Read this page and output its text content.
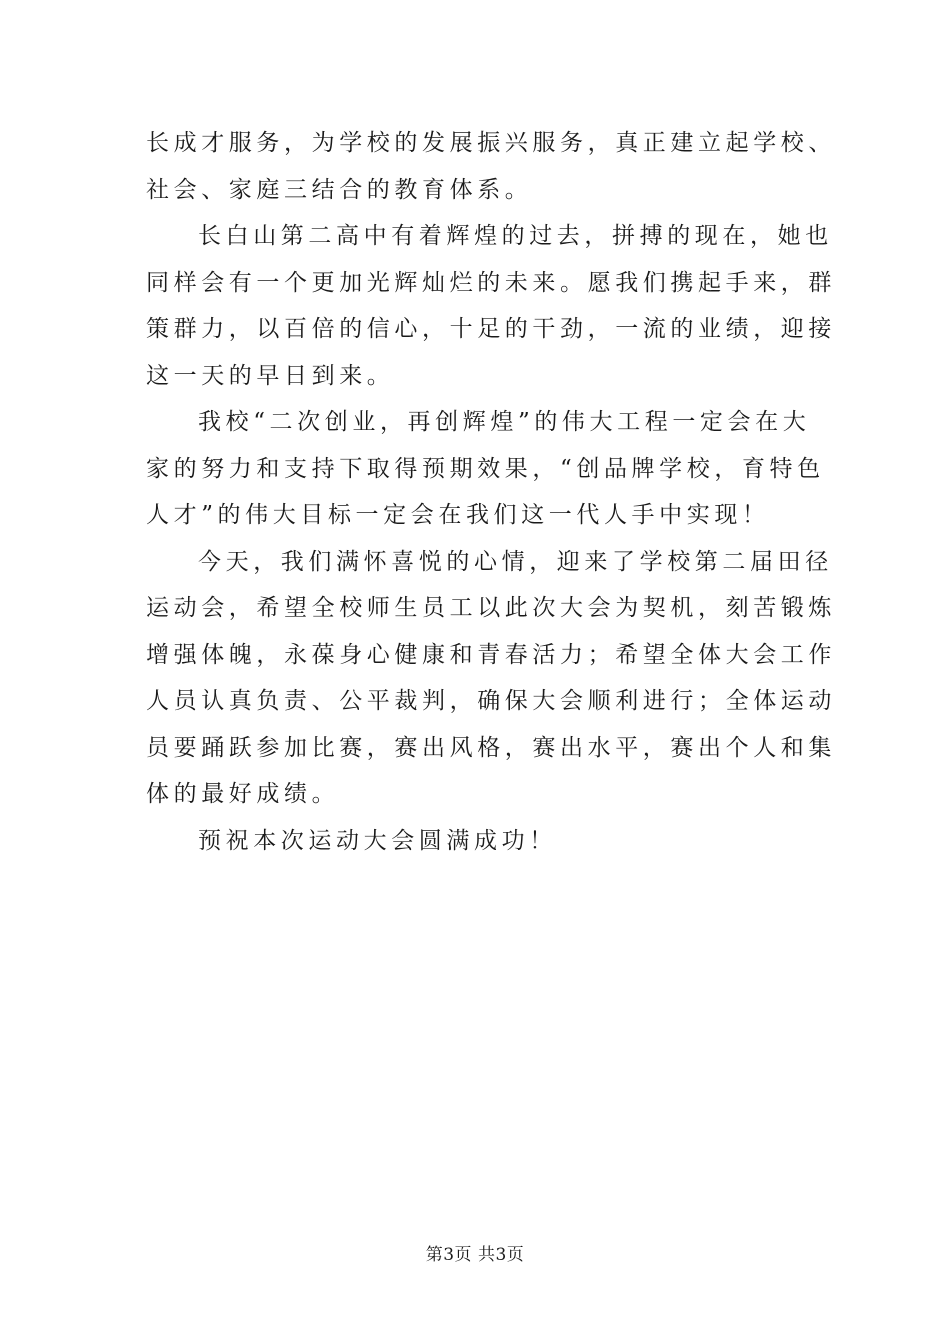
长成才服务，为学校的发展振兴服务，真正建立起学校、
社会、家庭三结合的教育体系。
长白山第二高中有着辉煌的过去，拼搏的现在，她也
同样会有一个更加光辉灿烂的未来。愿我们携起手来，群
策群力，以百倍的信心，十足的干劲，一流的业绩，迎接
这一天的早日到来。
我校“二次创业，再创辉煌”的伟大工程一定会在大
家的努力和支持下取得预期效果，“创品牌学校，育特色
人才”的伟大目标一定会在我们这一代人手中实现！
今天，我们满怀喜悦的心情，迎来了学校第二届田径
运动会，希望全校师生员工以此次大会为契机，刻苦锻炼
增强体魄，永葆身心健康和青春活力；希望全体大会工作
人员认真负责、公平裁判，确保大会顺利进行；全体运动
员要踊跃参加比赛，赛出风格，赛出水平，赛出个人和集
体的最好成绩。
预祝本次运动大会圆满成功！
第3页 共3页
